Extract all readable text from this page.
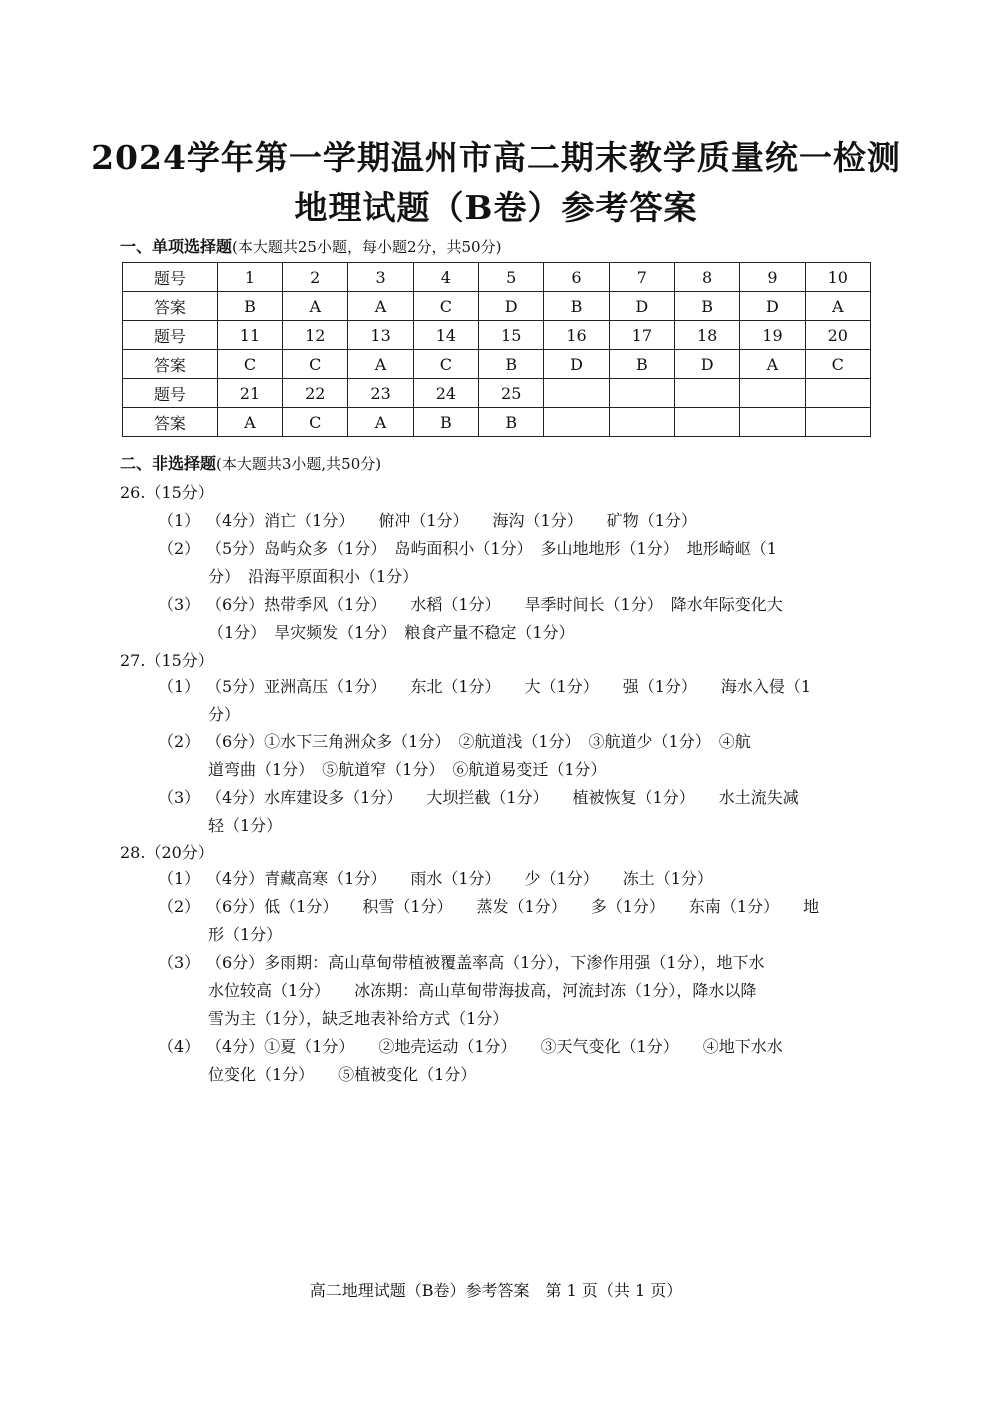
2024学年第一学期温州市高二期末教学质量统一检测
地理试题（B卷）参考答案
一、单项选择题(本大题共25小题，每小题2分，共50分)
题号	1	2	3	4	5	6	7	8	9	10
答案	B	A	A	C	D	B	D	B	D	A
题号	11	12	13	14	15	16	17	18	19	20
答案	C	C	A	C	B	D	B	D	A	C
题号	21	22	23	24	25					
答案	A	C	A	B	B					
二、非选择题(本大题共3小题,共50分)
26.（15分）
（1） （4分）消亡（1分）　　俯冲（1分）　　海沟（1分）　　矿物（1分）
（2） （5分）岛屿众多（1分）　岛屿面积小（1分）　多山地地形（1分）　地形崎岖（1
分）　沿海平原面积小（1分）
（3） （6分）热带季风（1分）　　水稻（1分）　　旱季时间长（1分）　降水年际变化大
（1分）　旱灾频发（1分）　粮食产量不稳定（1分）
27.（15分）
（1） （5分）亚洲高压（1分）　　东北（1分）　　大（1分）　　强（1分）　　海水入侵（1
分）
（2） （6分）①水下三角洲众多（1分）　②航道浅（1分）　③航道少（1分）　④航
道弯曲（1分）　⑤航道窄（1分）　⑥航道易变迁（1分）
（3） （4分）水库建设多（1分）　　大坝拦截（1分）　　植被恢复（1分）　　水土流失减
轻（1分）
28.（20分）
（1） （4分）青藏高寒（1分）　　雨水（1分）　　少（1分）　　冻土（1分）
（2） （6分）低（1分）　　积雪（1分）　　蒸发（1分）　　多（1分）　　东南（1分）　　地
形（1分）
（3） （6分）多雨期：高山草甸带植被覆盖率高（1分），下渗作用强（1分），地下水
水位较高（1分）　　冰冻期：高山草甸带海拔高，河流封冻（1分），降水以降
雪为主（1分），缺乏地表补给方式（1分）
（4） （4分）①夏（1分）　　②地壳运动（1分）　　③天气变化（1分）　　④地下水水
位变化（1分）　　⑤植被变化（1分）
高二地理试题（B卷）参考答案　第 1 页（共 1 页）
